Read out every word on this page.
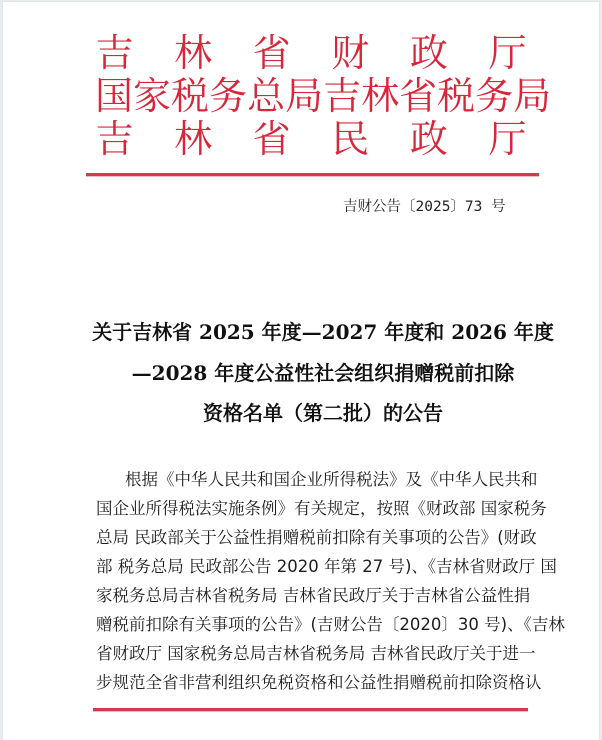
吉 林 省 财 政 厅
国 家 税 务 总 局 吉 林 省 税 务 局
吉 林 省 民 政 厅
吉财公告〔2025〕73 号
关于吉林省 2025 年度—2027 年度和 2026 年度
—2028 年度公益性社会组织捐赠税前扣除
资格名单（第二批）的公告
根据《中华人民共和国企业所得税法》及《中华人民共和
国企业所得税法实施条例》有关规定，按照《财政部 国家税务
总局 民政部关于公益性捐赠税前扣除有关事项的公告》(财政
部 税务总局 民政部公告 2020 年第 27 号)、《吉林省财政厅 国
家税务总局吉林省税务局 吉林省民政厅关于吉林省公益性捐
赠税前扣除有关事项的公告》(吉财公告〔2020〕30 号)、《吉林
省财政厅 国家税务总局吉林省税务局 吉林省民政厅关于进一
步规范全省非营利组织免税资格和公益性捐赠税前扣除资格认
